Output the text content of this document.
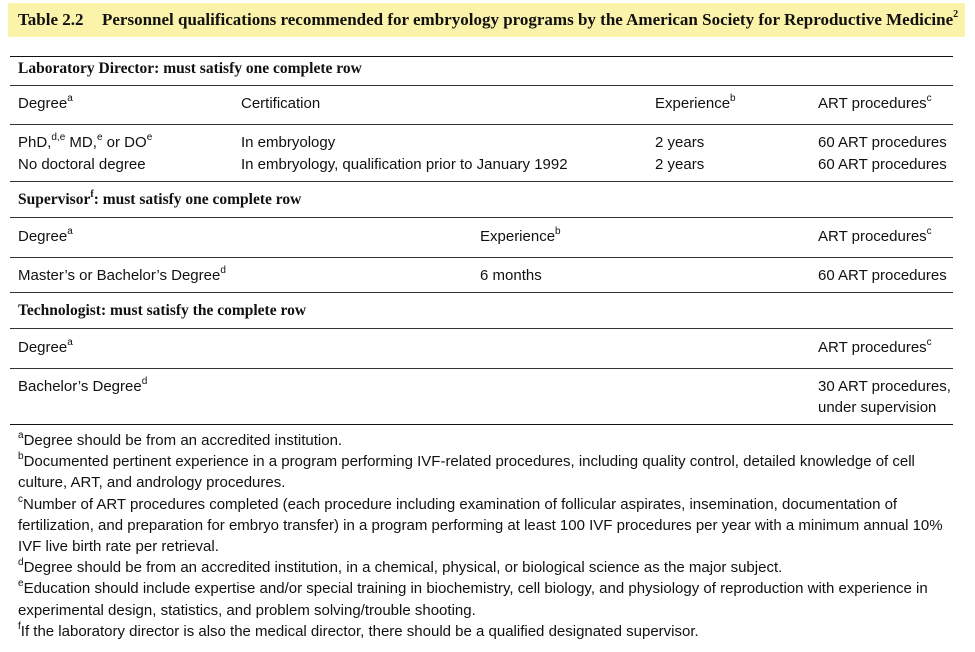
Table 2.2 Personnel qualifications recommended for embryology programs by the American Society for Reproductive Medicine$^2$
Laboratory Director: must satisfy one complete row
Degree$^a$	Certification	Experience$^b$	ART procedures$^c$
PhD,$^{d,e}$ MD,$^e$ or $DO^e$	In embryology	2 years	60 ART procedures
No doctoral degree	In embryology, qualification prior to January 1992	2 years	60 ART procedures
Supervisor$^f$: must satisfy one complete row
Degree$^a$	Experience$^b$	ART procedures$^c$
Master’s or Bachelor’s Degree$^d$	6 months	60 ART procedures
Technologist: must satisfy the complete row
Degree$^a$	ART procedures$^c$
Bachelor’s Degree$^d$	30 ART procedures,
under supervision
$^a$Degree should be from an accredited institution.
$^b$Documented pertinent experience in a program performing IVF-related procedures, including quality control, detailed knowledge of cell culture, ART, and andrology procedures.
$^c$Number of ART procedures completed (each procedure including examination of follicular aspirates, insemination, documentation of fertilization, and preparation for embryo transfer) in a program performing at least 100 IVF procedures per year with a minimum annual 10% IVF live birth rate per retrieval.
$^d$Degree should be from an accredited institution, in a chemical, physical, or biological science as the major subject.
$^e$Education should include expertise and/or special training in biochemistry, cell biology, and physiology of reproduction with experience in experimental design, statistics, and problem solving/trouble shooting.
$^f$If the laboratory director is also the medical director, there should be a qualified designated supervisor.
